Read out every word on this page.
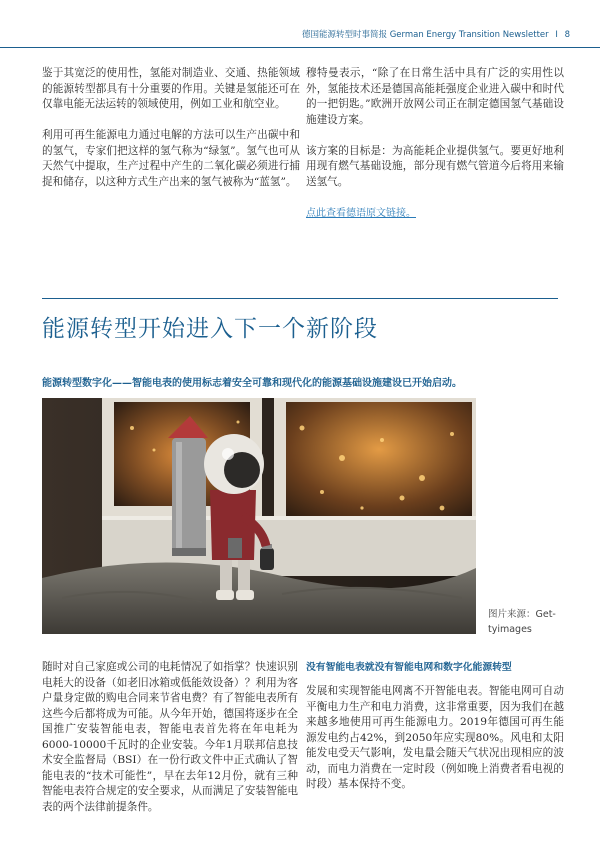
德国能源转型时事简报 German Energy Transition Newsletter I 8

鉴于其宽泛的使用性，氢能对制造业、交通、热能领域的能源转型都具有十分重要的作用。关键是氢能还可在仅靠电能无法运转的领域使用，例如工业和航空业。

利用可再生能源电力通过电解的方法可以生产出碳中和的氢气，专家们把这样的氢气称为“绿氢”。氢气也可从天然气中提取，生产过程中产生的二氧化碳必须进行捕捉和储存，以这种方式生产出来的氢气被称为“蓝氢”。

穆特曼表示，“除了在日常生活中具有广泛的实用性以外，氢能技术还是德国高能耗强度企业进入碳中和时代的一把钥匙。”欧洲开放网公司正在制定德国氢气基础设施建设方案。

该方案的目标是：为高能耗企业提供氢气。要更好地利用现有燃气基础设施，部分现有燃气管道今后将用来输送氢气。

点此查看德语原文链接。

能源转型开始进入下一个新阶段
能源转型数字化——智能电表的使用标志着安全可靠和现代化的能源基础设施建设已开始启动。
图片来源：Get-tyimages

随时对自己家庭或公司的电耗情况了如指掌？快速识别电耗大的设备（如老旧冰箱或低能效设备）？利用为客户量身定做的购电合同来节省电费？有了智能电表所有这些今后都将成为可能。从今年开始，德国将逐步在全国推广安装智能电表，智能电表首先将在年电耗为6000-10000千瓦时的企业安装。今年1月联邦信息技术安全监督局（BSI）在一份行政文件中正式确认了智能电表的“技术可能性”，早在去年12月份，就有三种智能电表符合规定的安全要求，从而满足了安装智能电表的两个法律前提条件。

没有智能电表就没有智能电网和数字化能源转型

发展和实现智能电网离不开智能电表。智能电网可自动平衡电力生产和电力消费，这非常重要，因为我们在越来越多地使用可再生能源电力。2019年德国可再生能源发电约占42%，到2050年应实现80%。风电和太阳能发电受天气影响，发电量会随天气状况出现相应的波动，而电力消费在一定时段（例如晚上消费者看电视的时段）基本保持不变。
